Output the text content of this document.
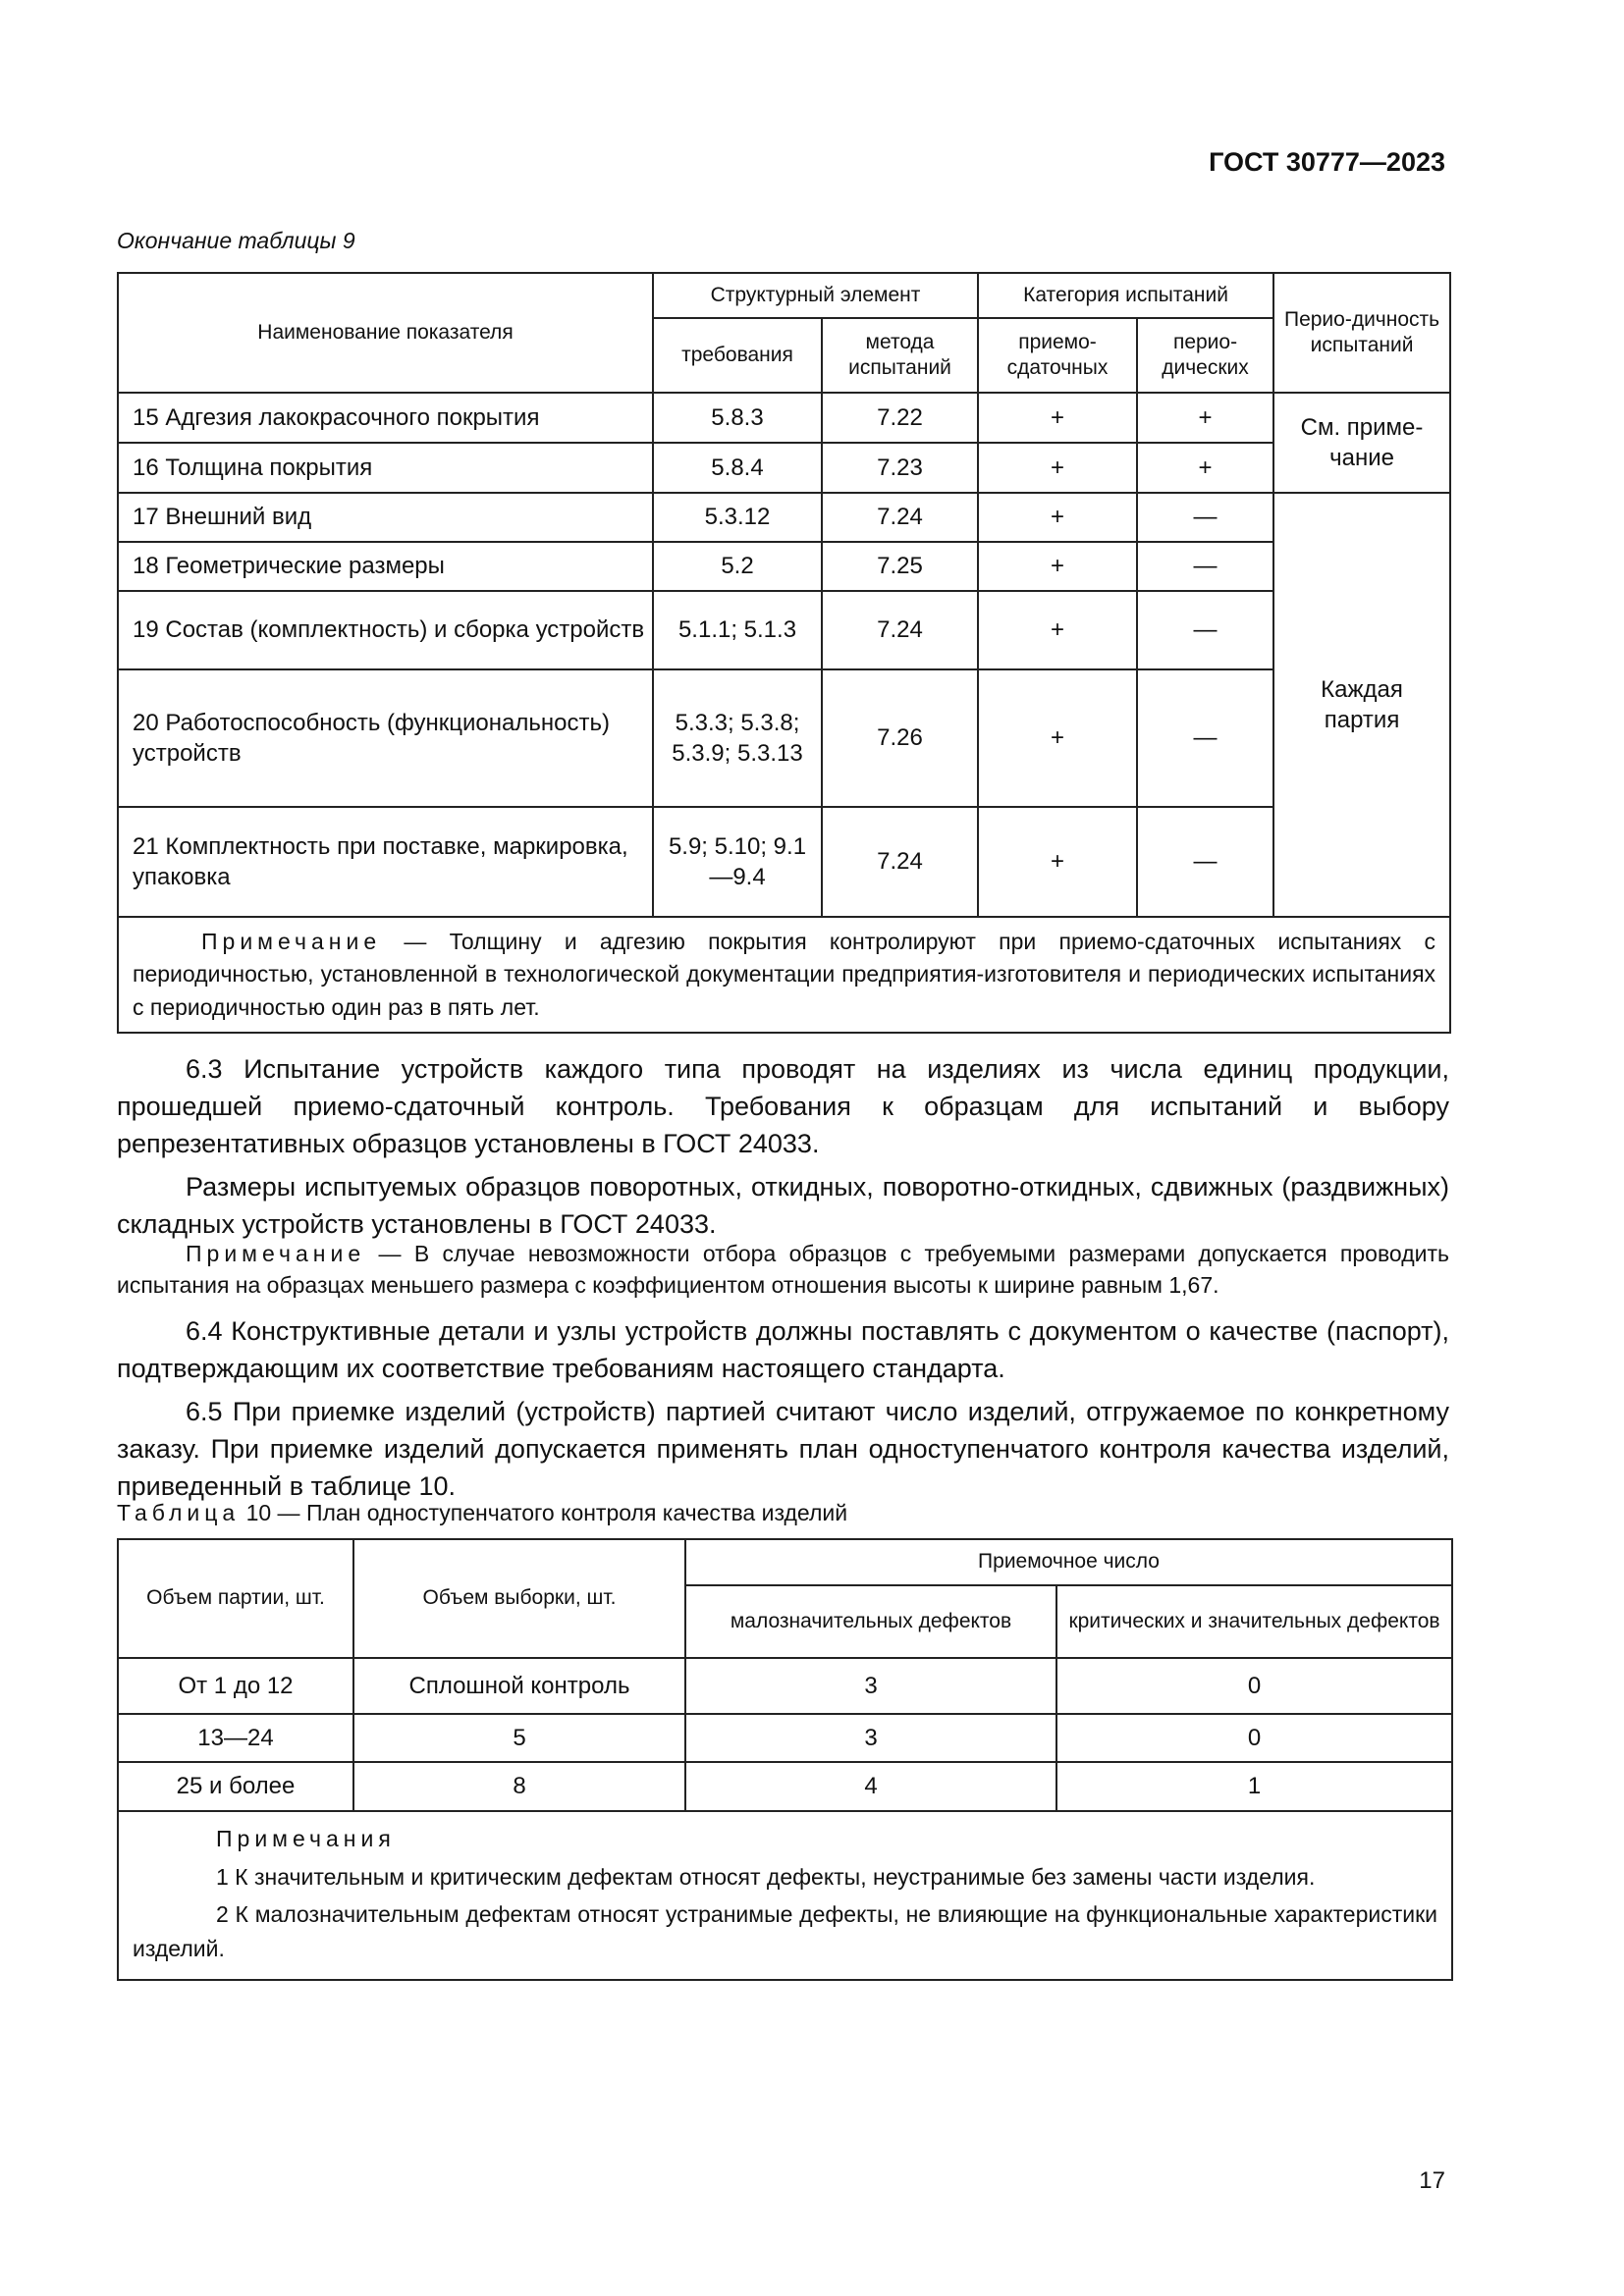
ГОСТ 30777—2023
Окончание таблицы 9
Наименование показателя	Структурный элемент		Категория испытаний		Перио-дичность испытаний
	требования	метода испытаний	приемо-сдаточных	перио-дических	
15 Адгезия лакокрасочного покрытия	5.8.3	7.22	+	+	См. приме-чание
16 Толщина покрытия	5.8.4	7.23	+	+	
17 Внешний вид	5.3.12	7.24	+	—	Каждая партия
18 Геометрические размеры	5.2	7.25	+	—	
19 Состав (комплектность) и сборка устройств	5.1.1; 5.1.3	7.24	+	—	
20 Работоспособность (функциональность) устройств	5.3.3; 5.3.8; 5.3.9; 5.3.13	7.26	+	—	
21 Комплектность при поставке, маркировка, упаковка	5.9; 5.10; 9.1—9.4	7.24	+	—	
Примечание — Толщину и адгезию покрытия контролируют при приемо-сдаточных испытаниях с периодичностью, установленной в технологической документации предприятия-изготовителя и периодических испытаниях с периодичностью один раз в пять лет.					

6.3 Испытание устройств каждого типа проводят на изделиях из числа единиц продукции, прошедшей приемо-сдаточный контроль. Требования к образцам для испытаний и выбору репрезентативных образцов установлены в ГОСТ 24033.

Размеры испытуемых образцов поворотных, откидных, поворотно-откидных, сдвижных (раздвижных) складных устройств установлены в ГОСТ 24033.

Примечание — В случае невозможности отбора образцов с требуемыми размерами допускается проводить испытания на образцах меньшего размера с коэффициентом отношения высоты к ширине равным 1,67.

6.4 Конструктивные детали и узлы устройств должны поставлять с документом о качестве (паспорт), подтверждающим их соответствие требованиям настоящего стандарта.

6.5 При приемке изделий (устройств) партией считают число изделий, отгружаемое по конкретному заказу. При приемке изделий допускается применять план одноступенчатого контроля качества изделий, приведенный в таблице 10.

Таблица 10 — План одноступенчатого контроля качества изделий
Объем партии, шт.	Объем выборки, шт.	Приемочное число	
		малозначительных дефектов	критических и значительных дефектов
От 1 до 12	Сплошной контроль	3	0
13—24	5	3	0
25 и более	8	4	1

Примечания

1 К значительным и критическим дефектам относят дефекты, неустранимые без замены части изделия.

2 К малозначительным дефектам относят устранимые дефекты, не влияющие на функциональные характеристики изделий.			

17
